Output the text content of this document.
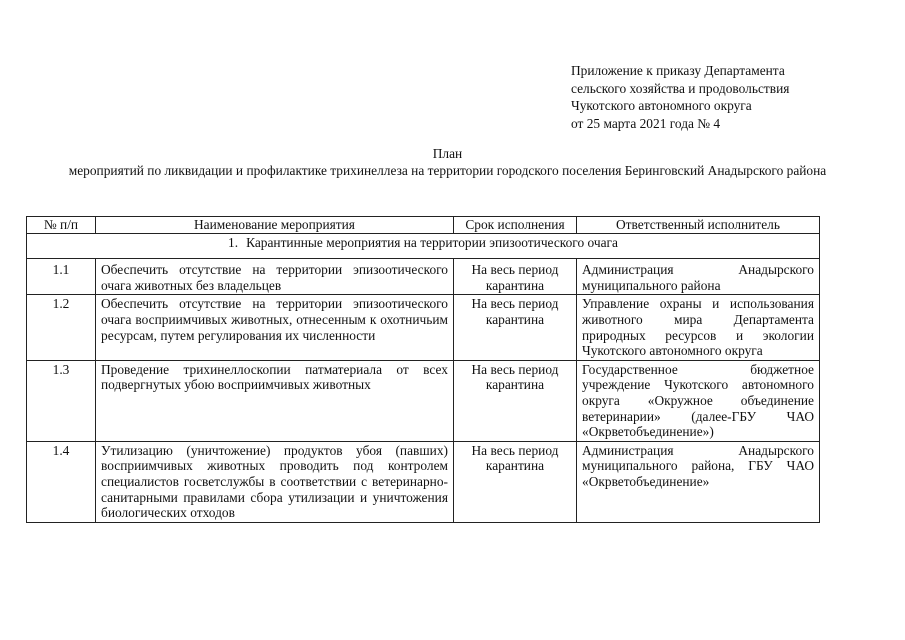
Приложение к приказу Департамента
сельского хозяйства и продовольствия
Чукотского автономного округа
от 25 марта 2021 года № 4
План
мероприятий по ликвидации и профилактике трихинеллеза на территории городского поселения Беринговский Анадырского района
№ п/п	Наименование мероприятия	Срок исполнения	Ответственный исполнитель
1. Карантинные мероприятия на территории эпизоотического очага			
1.1	Обеспечить отсутствие на территории эпизоотического очага животных без владельцев	На весь период карантина	Администрация Анадырского муниципального района
1.2	Обеспечить отсутствие на территории эпизоотического очага восприимчивых животных, отнесенным к охотничьим ресурсам, путем регулирования их численности	На весь период карантина	Управление охраны и использования животного мира Департамента природных ресурсов и экологии Чукотского автономного округа
1.3	Проведение трихинеллоскопии патматериала от всех подвергнутых убою восприимчивых животных	На весь период карантина	Государственное бюджетное учреждение Чукотского автономного округа «Окружное объединение ветеринарии» (далее-ГБУ ЧАО «Окрветобъединение»)
1.4	Утилизацию (уничтожение) продуктов убоя (павших) восприимчивых животных проводить под контролем специалистов госветслужбы в соответствии с ветеринарно-санитарными правилами сбора утилизации и уничтожения биологических отходов	На весь период карантина	Администрация Анадырского муниципального района, ГБУ ЧАО «Окрветобъединение»
